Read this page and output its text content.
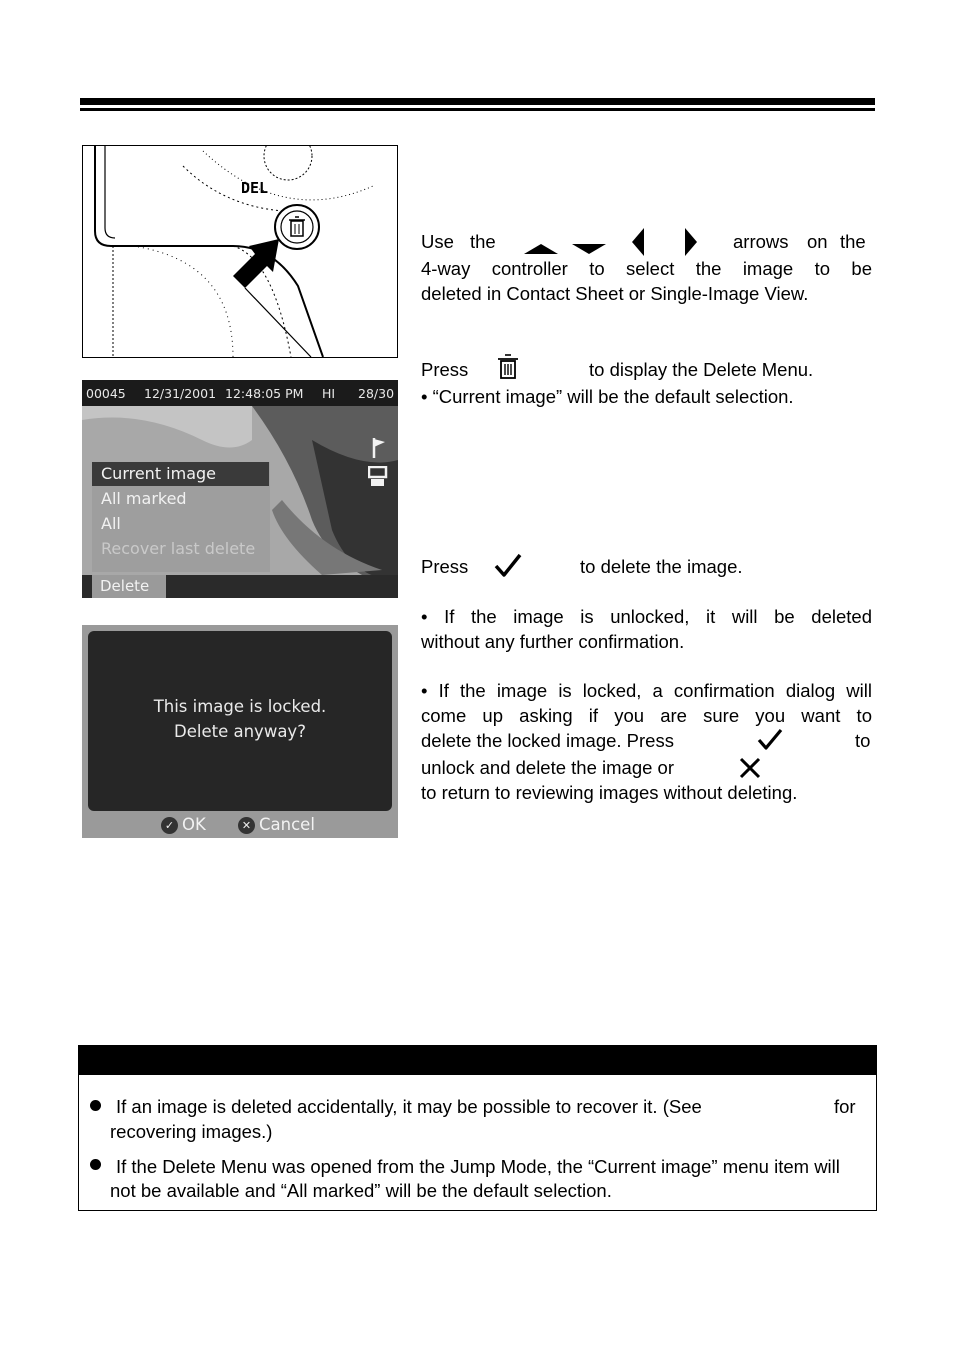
DEL
00045 12/31/2001 12:48:05 PM HI 28/30
Current image
All marked
All
Recover last delete
Delete
This image is locked.
Delete anyway?
✓ OK	✕ Cancel
Use the	arrows on the
4-way controller to select the image to be
deleted in Contact Sheet or Single-Image View.
Press	to display the Delete Menu.
• “Current image” will be the default selection.
Press	to delete the image.
• If the image is unlocked, it will be deleted
without any further confirmation.
• If the image is locked, a confirmation dialog will
come up asking if you are sure you want to
delete the locked image. Press	to
unlock and delete the image or
to return to reviewing images without deleting.
If an image is deleted accidentally, it may be possible to recover it. (See	for
recovering images.)
If the Delete Menu was opened from the Jump Mode, the “Current image” menu item will not be available and “All marked” will be the default selection.
